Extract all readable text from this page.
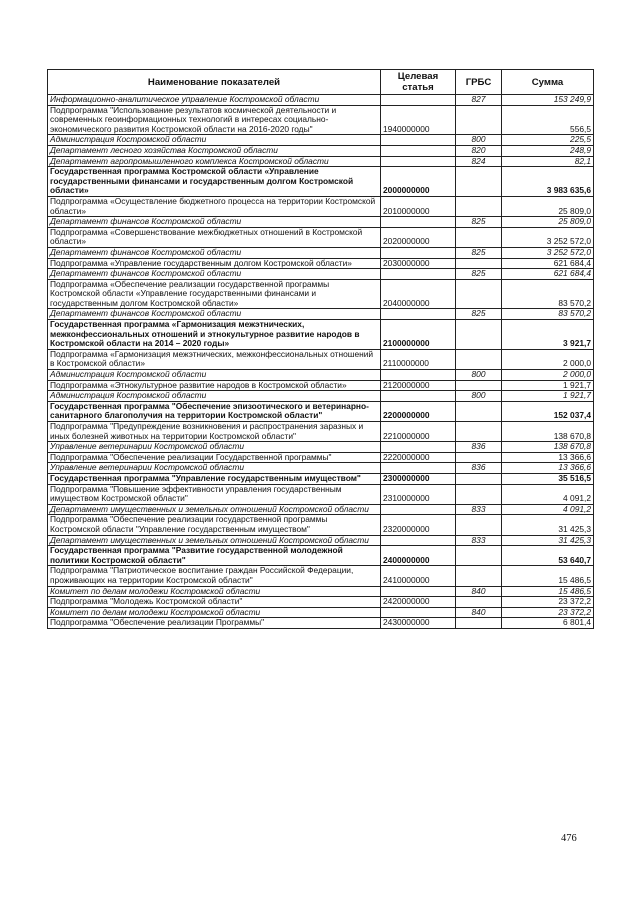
Наименование показателей	Целевая статья	ГРБС	Сумма
Информационно-аналитическое управление Костромской области		827	153 249,9
Подпрограмма "Использование результатов космической деятельности и современных геоинформационных технологий в интересах социально-экономического развития Костромской области на 2016-2020 годы"	1940000000		556,5
Администрация Костромской области		800	225,5
Департамент лесного хозяйства Костромской области		820	248,9
Департамент агропромышленного комплекса Костромской области		824	82,1
Государственная программа Костромской области «Управление государственными финансами и государственным долгом Костромской области»	2000000000		3 983 635,6
Подпрограмма «Осуществление бюджетного процесса на территории Костромской области»	2010000000		25 809,0
Департамент финансов Костромской области		825	25 809,0
Подпрограмма «Совершенствование межбюджетных отношений в Костромской области»	2020000000		3 252 572,0
Департамент финансов Костромской области		825	3 252 572,0
Подпрограмма «Управление государственным долгом Костромской области»	2030000000		621 684,4
Департамент финансов Костромской области		825	621 684,4
Подпрограмма «Обеспечение реализации государственной программы Костромской области «Управление государственными финансами и государственным долгом Костромской области»	2040000000		83 570,2
Департамент финансов Костромской области		825	83 570,2
Государственная программа «Гармонизация межэтнических, межконфессиональных отношений и этнокультурное развитие народов в Костромской области на 2014 – 2020 годы»	2100000000		3 921,7
Подпрограмма «Гармонизация межэтнических, межконфессиональных отношений в Костромской области»	2110000000		2 000,0
Администрация Костромской области		800	2 000,0
Подпрограмма «Этнокультурное развитие народов в Костромской области»	2120000000		1 921,7
Администрация Костромской области		800	1 921,7
Государственная программа "Обеспечение эпизоотического и ветеринарно-санитарного благополучия на территории Костромской области"	2200000000		152 037,4
Подпрограмма "Предупреждение возникновения и распространения заразных и иных болезней животных на территории Костромской области"	2210000000		138 670,8
Управление ветеринарии Костромской области		836	138 670,8
Подпрограмма "Обеспечение реализации Государственной программы"	2220000000		13 366,6
Управление ветеринарии Костромской области		836	13 366,6
Государственная программа "Управление государственным имуществом"	2300000000		35 516,5
Подпрограмма "Повышение эффективности управления государственным имуществом Костромской области"	2310000000		4 091,2
Департамент имущественных и земельных отношений Костромской области		833	4 091,2
Подпрограмма "Обеспечение реализации государственной программы Костромской области "Управление государственным имуществом"	2320000000		31 425,3
Департамент имущественных и земельных отношений Костромской области		833	31 425,3
Государственная программа "Развитие государственной молодежной политики Костромской области"	2400000000		53 640,7
Подпрограмма "Патриотическое воспитание граждан Российской Федерации, проживающих на территории Костромской области"	2410000000		15 486,5
Комитет по делам молодежи Костромской области		840	15 486,5
Подпрограмма "Молодежь Костромской области"	2420000000		23 372,2
Комитет по делам молодежи Костромской области		840	23 372,2
Подпрограмма "Обеспечение реализации Программы"	2430000000		6 801,4
476
